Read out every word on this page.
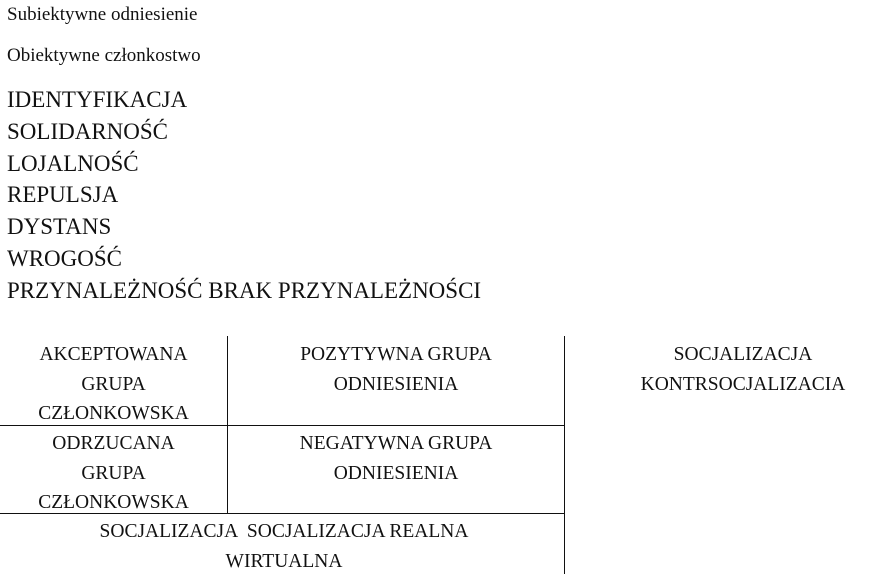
Subiektywne odniesienie
Obiektywne członkostwo
IDENTYFIKACJA
SOLIDARNOŚĆ
LOJALNOŚĆ
REPULSJA
DYSTANS
WROGOŚĆ
PRZYNALEŻNOŚĆ BRAK PRZYNALEŻNOŚCI
AKCEPTOWANA GRUPA CZŁONKOWSKA
POZYTYWNA GRUPA ODNIESIENIA
ODRZUCANA GRUPA CZŁONKOWSKA
NEGATYWNA GRUPA ODNIESIENIA
SOCJALIZACJA  SOCJALIZACJA REALNA WIRTUALNA
SOCJALIZACJA
KONTRSOCJALIZACIA
